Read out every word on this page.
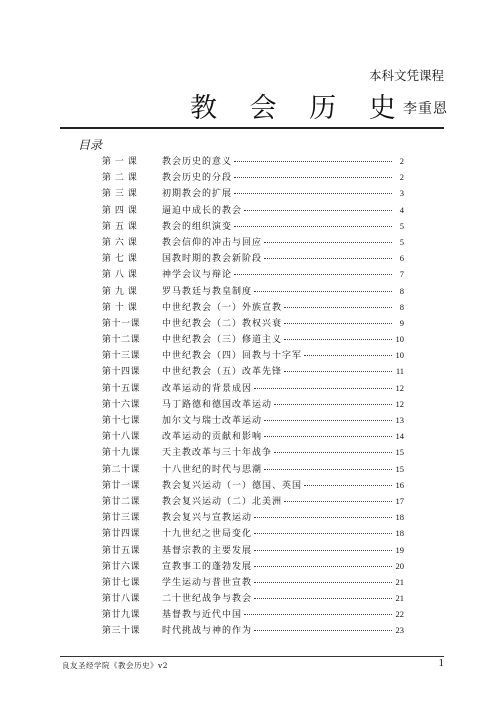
本科文凭课程
教 会 历 史
李重恩
目录
第 一 课	教会历史的意义	2
第 二 课	教会历史的分段	2
第 三 课	初期教会的扩展	3
第 四 课	逼迫中成长的教会	4
第 五 课	教会的组织演变	5
第 六 课	教会信仰的冲击与回应	5
第 七 课	国教时期的教会新阶段	6
第 八 课	神学会议与辩论	7
第 九 课	罗马教廷与教皇制度	8
第 十 课	中世纪教会（一）外族宣教	8
第十一课	中世纪教会（二）教权兴衰	9
第十二课	中世纪教会（三）修道主义	10
第十三课	中世纪教会（四）回教与十字军	10
第十四课	中世纪教会（五）改革先锋	11
第十五课	改革运动的背景成因	12
第十六课	马丁路德和德国改革运动	12
第十七课	加尔文与瑞士改革运动	13
第十八课	改革运动的贡献和影响	14
第十九课	天主教改革与三十年战争	15
第二十课	十八世纪的时代与思潮	15
第廿一课	教会复兴运动（一）德国、英国	16
第廿二课	教会复兴运动（二）北美洲	17
第廿三课	教会复兴与宣教运动	18
第廿四课	十九世纪之世局变化	18
第廿五课	基督宗教的主要发展	19
第廿六课	宣教事工的蓬勃发展	20
第廿七课	学生运动与普世宣教	21
第廿八课	二十世纪战争与教会	21
第廿九课	基督教与近代中国	22
第三十课	时代挑战与神的作为	23
良友圣经学院《教会历史》v2	1
